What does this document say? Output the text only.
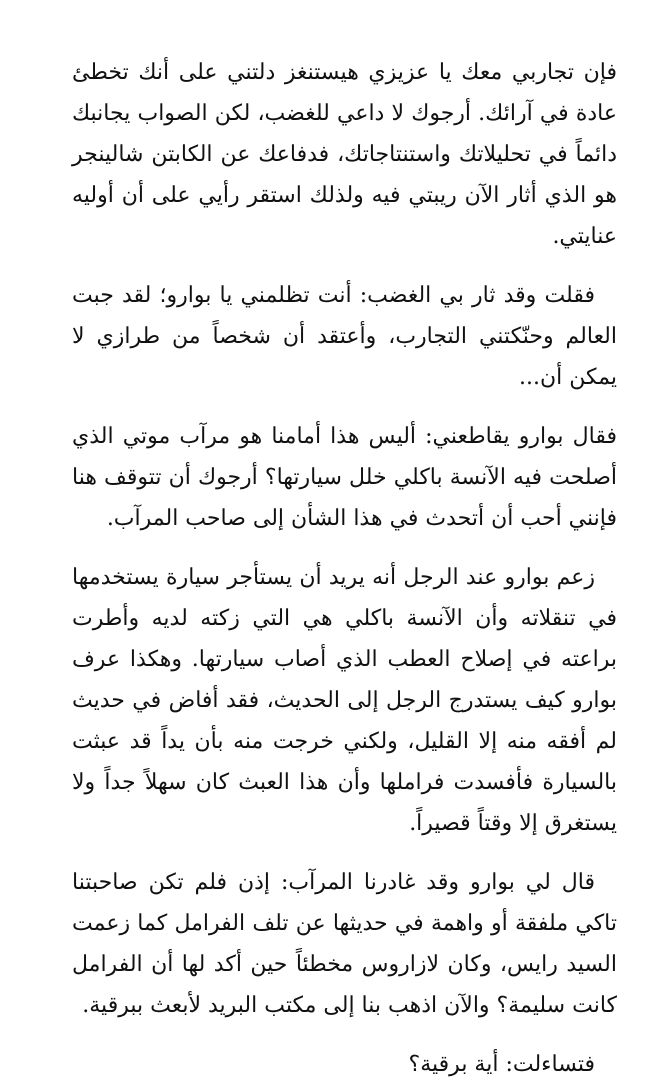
فإن تجاربي معك يا عزيزي هيستنغز دلتني على أنك تخطئ عادة في آرائك. أرجوك لا داعي للغضب، لكن الصواب يجانبك دائماً في تحليلاتك واستنتاجاتك، فدفاعك عن الكابتن شالينجر هو الذي أثار الآن ريبتي فيه ولذلك استقر رأيي على أن أوليه عنايتي.

فقلت وقد ثار بي الغضب: أنت تظلمني يا بوارو؛ لقد جبت العالم وحنّكتني التجارب، وأعتقد أن شخصاً من طرازي لا يمكن أن...

فقال بوارو يقاطعني: أليس هذا أمامنا هو مرآب موتي الذي أصلحت فيه الآنسة باكلي خلل سيارتها؟ أرجوك أن تتوقف هنا فإنني أحب أن أتحدث في هذا الشأن إلى صاحب المرآب.

زعم بوارو عند الرجل أنه يريد أن يستأجر سيارة يستخدمها في تنقلاته وأن الآنسة باكلي هي التي زكته لديه وأطرت براعته في إصلاح العطب الذي أصاب سيارتها. وهكذا عرف بوارو كيف يستدرج الرجل إلى الحديث، فقد أفاض في حديث لم أفقه منه إلا القليل، ولكني خرجت منه بأن يداً قد عبثت بالسيارة فأفسدت فراملها وأن هذا العبث كان سهلاً جداً ولا يستغرق إلا وقتاً قصيراً.

قال لي بوارو وقد غادرنا المرآب: إذن فلم تكن صاحبتنا تاكي ملفقة أو واهمة في حديثها عن تلف الفرامل كما زعمت السيد رايس، وكان لازاروس مخطئاً حين أكد لها أن الفرامل كانت سليمة؟ والآن اذهب بنا إلى مكتب البريد لأبعث ببرقية.

فتساءلت: أية برقية؟
